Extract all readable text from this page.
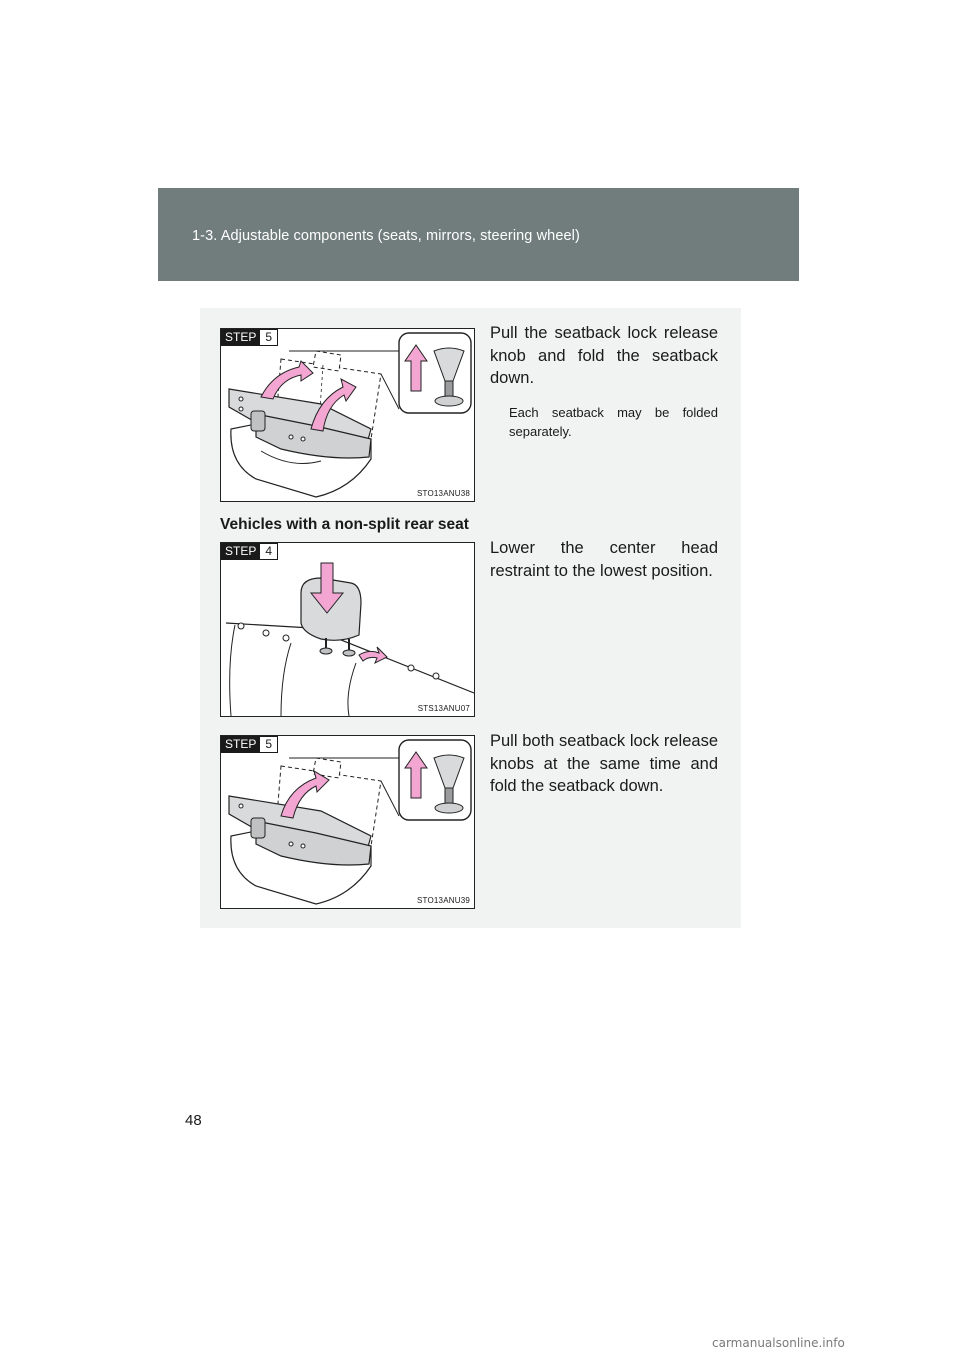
1-3. Adjustable components (seats, mirrors, steering wheel)
STEP 5
STO13ANU38
Pull the seatback lock release knob and fold the seatback down.
Each seatback may be folded separately.
Vehicles with a non-split rear seat
STEP 4
STS13ANU07
Lower the center head restraint to the lowest position.
STEP 5
STO13ANU39
Pull both seatback lock release knobs at the same time and fold the seatback down.
48
carmanualsonline.info
